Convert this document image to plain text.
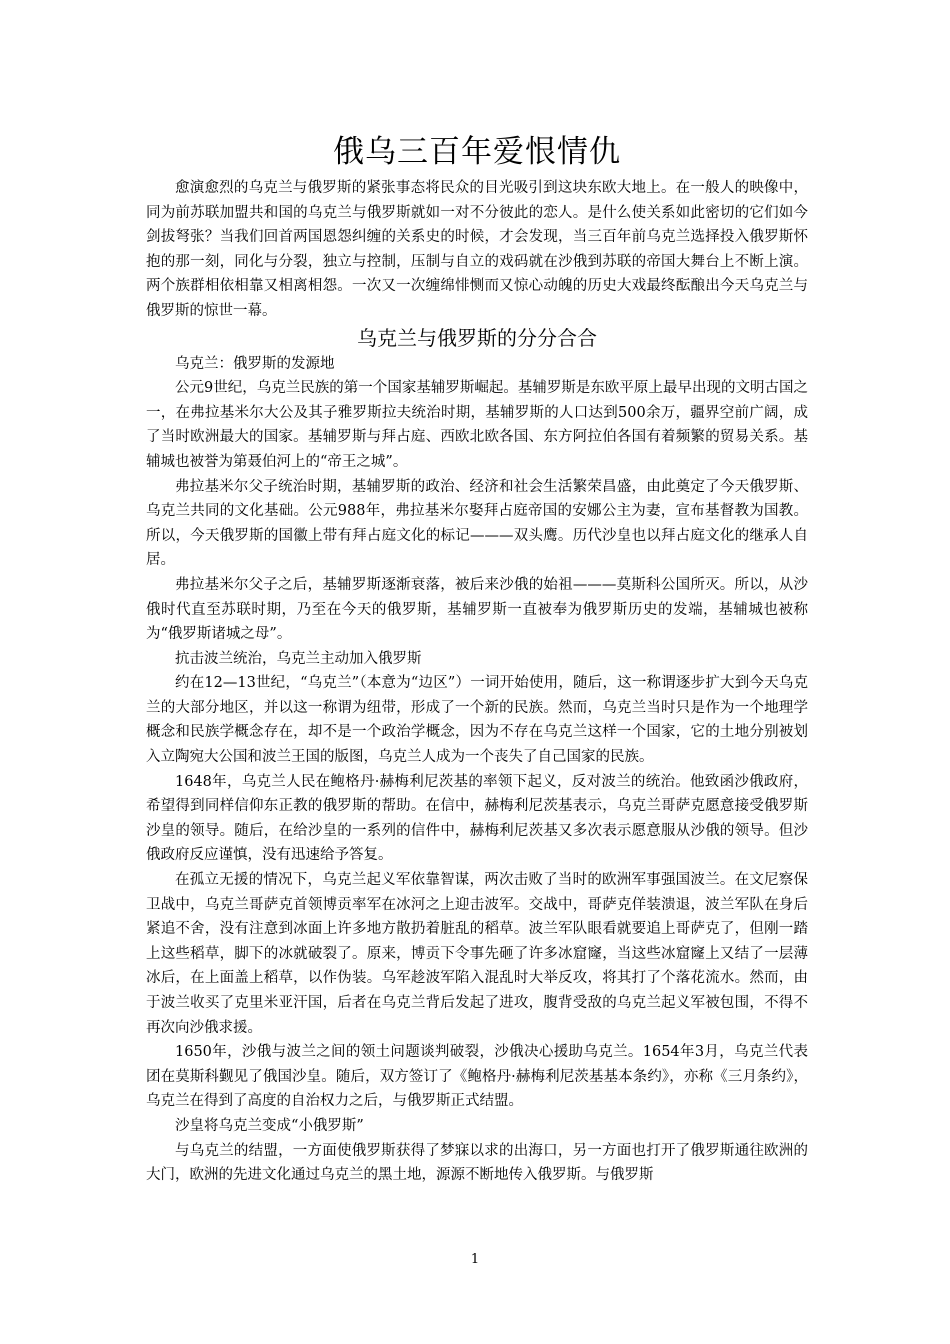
俄乌三百年爱恨情仇

愈演愈烈的乌克兰与俄罗斯的紧张事态将民众的目光吸引到这块东欧大地上。在一般人的映像中，同为前苏联加盟共和国的乌克兰与俄罗斯就如一对不分彼此的恋人。是什么使关系如此密切的它们如今剑拔弩张？当我们回首两国恩怨纠缠的关系史的时候，才会发现，当三百年前乌克兰选择投入俄罗斯怀抱的那一刻，同化与分裂，独立与控制，压制与自立的戏码就在沙俄到苏联的帝国大舞台上不断上演。两个族群相依相靠又相离相怨。一次又一次缠绵悱恻而又惊心动魄的历史大戏最终酝酿出今天乌克兰与俄罗斯的惊世一幕。

乌克兰与俄罗斯的分分合合

乌克兰：俄罗斯的发源地

公元9世纪，乌克兰民族的第一个国家基辅罗斯崛起。基辅罗斯是东欧平原上最早出现的文明古国之一，在弗拉基米尔大公及其子雅罗斯拉夫统治时期，基辅罗斯的人口达到500余万，疆界空前广阔，成了当时欧洲最大的国家。基辅罗斯与拜占庭、西欧北欧各国、东方阿拉伯各国有着频繁的贸易关系。基辅城也被誉为第聂伯河上的“帝王之城”。

弗拉基米尔父子统治时期，基辅罗斯的政治、经济和社会生活繁荣昌盛，由此奠定了今天俄罗斯、乌克兰共同的文化基础。公元988年，弗拉基米尔娶拜占庭帝国的安娜公主为妻，宣布基督教为国教。所以，今天俄罗斯的国徽上带有拜占庭文化的标记———双头鹰。历代沙皇也以拜占庭文化的继承人自居。

弗拉基米尔父子之后，基辅罗斯逐渐衰落，被后来沙俄的始祖———莫斯科公国所灭。所以，从沙俄时代直至苏联时期，乃至在今天的俄罗斯，基辅罗斯一直被奉为俄罗斯历史的发端，基辅城也被称为“俄罗斯诸城之母”。

抗击波兰统治，乌克兰主动加入俄罗斯

约在12—13世纪，“乌克兰”（本意为“边区”）一词开始使用，随后，这一称谓逐步扩大到今天乌克兰的大部分地区，并以这一称谓为纽带，形成了一个新的民族。然而，乌克兰当时只是作为一个地理学概念和民族学概念存在，却不是一个政治学概念，因为不存在乌克兰这样一个国家，它的土地分别被划入立陶宛大公国和波兰王国的版图，乌克兰人成为一个丧失了自己国家的民族。

1648年，乌克兰人民在鲍格丹·赫梅利尼茨基的率领下起义，反对波兰的统治。他致函沙俄政府，希望得到同样信仰东正教的俄罗斯的帮助。在信中，赫梅利尼茨基表示，乌克兰哥萨克愿意接受俄罗斯沙皇的领导。随后，在给沙皇的一系列的信件中，赫梅利尼茨基又多次表示愿意服从沙俄的领导。但沙俄政府反应谨慎，没有迅速给予答复。

在孤立无援的情况下，乌克兰起义军依靠智谋，两次击败了当时的欧洲军事强国波兰。在文尼察保卫战中，乌克兰哥萨克首领博贡率军在冰河之上迎击波军。交战中，哥萨克佯装溃退，波兰军队在身后紧追不舍，没有注意到冰面上许多地方散扔着脏乱的稻草。波兰军队眼看就要追上哥萨克了，但刚一踏上这些稻草，脚下的冰就破裂了。原来，博贡下令事先砸了许多冰窟窿，当这些冰窟窿上又结了一层薄冰后，在上面盖上稻草，以作伪装。乌军趁波军陷入混乱时大举反攻，将其打了个落花流水。然而，由于波兰收买了克里米亚汗国，后者在乌克兰背后发起了进攻，腹背受敌的乌克兰起义军被包围，不得不再次向沙俄求援。

1650年，沙俄与波兰之间的领土问题谈判破裂，沙俄决心援助乌克兰。1654年3月，乌克兰代表团在莫斯科觐见了俄国沙皇。随后，双方签订了《鲍格丹·赫梅利尼茨基基本条约》，亦称《三月条约》，乌克兰在得到了高度的自治权力之后，与俄罗斯正式结盟。

沙皇将乌克兰变成“小俄罗斯”

与乌克兰的结盟，一方面使俄罗斯获得了梦寐以求的出海口，另一方面也打开了俄罗斯通往欧洲的大门，欧洲的先进文化通过乌克兰的黑土地，源源不断地传入俄罗斯。与俄罗斯

1
